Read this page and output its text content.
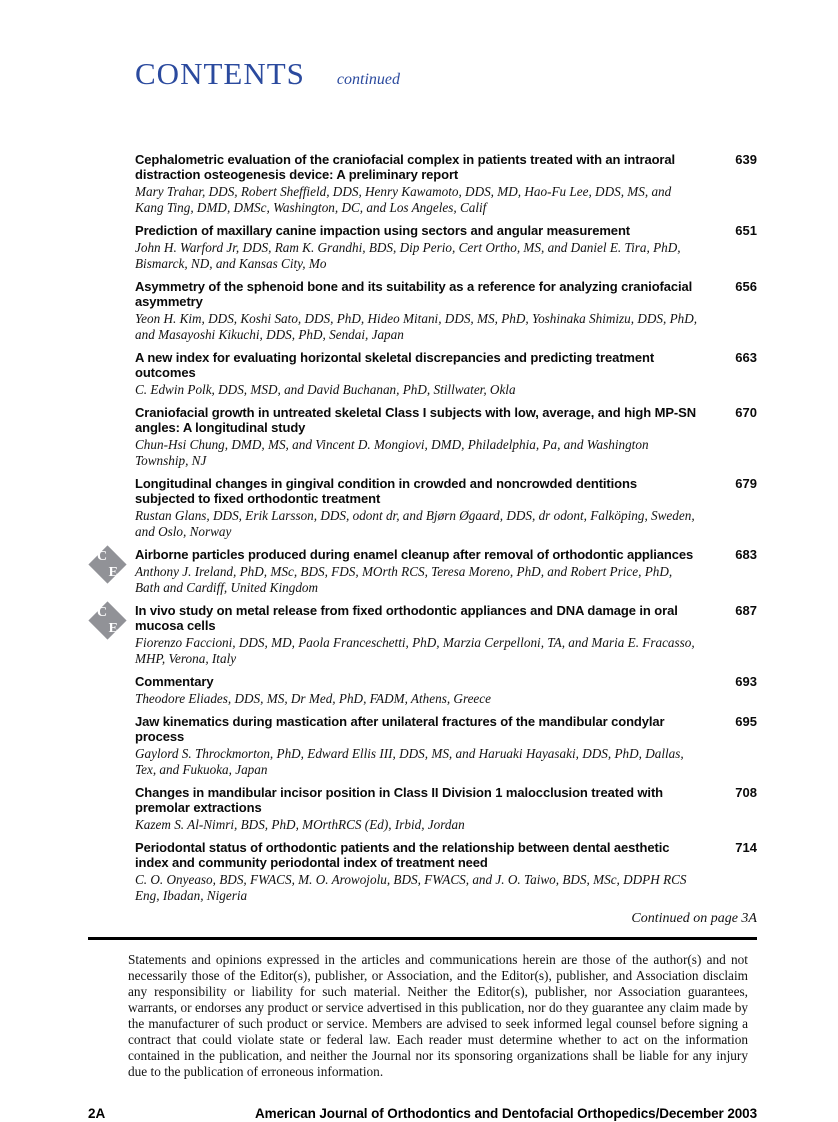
CONTENTS continued
Cephalometric evaluation of the craniofacial complex in patients treated with an intraoral distraction osteogenesis device: A preliminary report
Mary Trahar, DDS, Robert Sheffield, DDS, Henry Kawamoto, DDS, MD, Hao-Fu Lee, DDS, MS, and Kang Ting, DMD, DMSc, Washington, DC, and Los Angeles, Calif
639
Prediction of maxillary canine impaction using sectors and angular measurement
John H. Warford Jr, DDS, Ram K. Grandhi, BDS, Dip Perio, Cert Ortho, MS, and Daniel E. Tira, PhD, Bismarck, ND, and Kansas City, Mo
651
Asymmetry of the sphenoid bone and its suitability as a reference for analyzing craniofacial asymmetry
Yeon H. Kim, DDS, Koshi Sato, DDS, PhD, Hideo Mitani, DDS, MS, PhD, Yoshinaka Shimizu, DDS, PhD, and Masayoshi Kikuchi, DDS, PhD, Sendai, Japan
656
A new index for evaluating horizontal skeletal discrepancies and predicting treatment outcomes
C. Edwin Polk, DDS, MSD, and David Buchanan, PhD, Stillwater, Okla
663
Craniofacial growth in untreated skeletal Class I subjects with low, average, and high MP-SN angles: A longitudinal study
Chun-Hsi Chung, DMD, MS, and Vincent D. Mongiovi, DMD, Philadelphia, Pa, and Washington Township, NJ
670
Longitudinal changes in gingival condition in crowded and noncrowded dentitions subjected to fixed orthodontic treatment
Rustan Glans, DDS, Erik Larsson, DDS, odont dr, and Bjørn Øgaard, DDS, dr odont, Falköping, Sweden, and Oslo, Norway
679
C
E
Airborne particles produced during enamel cleanup after removal of orthodontic appliances
Anthony J. Ireland, PhD, MSc, BDS, FDS, MOrth RCS, Teresa Moreno, PhD, and Robert Price, PhD, Bath and Cardiff, United Kingdom
683
C
E
In vivo study on metal release from fixed orthodontic appliances and DNA damage in oral mucosa cells
Fiorenzo Faccioni, DDS, MD, Paola Franceschetti, PhD, Marzia Cerpelloni, TA, and Maria E. Fracasso, MHP, Verona, Italy
687
Commentary
Theodore Eliades, DDS, MS, Dr Med, PhD, FADM, Athens, Greece
693
Jaw kinematics during mastication after unilateral fractures of the mandibular condylar process
Gaylord S. Throckmorton, PhD, Edward Ellis III, DDS, MS, and Haruaki Hayasaki, DDS, PhD, Dallas, Tex, and Fukuoka, Japan
695
Changes in mandibular incisor position in Class II Division 1 malocclusion treated with premolar extractions
Kazem S. Al-Nimri, BDS, PhD, MOrthRCS (Ed), Irbid, Jordan
708
Periodontal status of orthodontic patients and the relationship between dental aesthetic index and community periodontal index of treatment need
C. O. Onyeaso, BDS, FWACS, M. O. Arowojolu, BDS, FWACS, and J. O. Taiwo, BDS, MSc, DDPH RCS Eng, Ibadan, Nigeria
714
Continued on page 3A
Statements and opinions expressed in the articles and communications herein are those of the author(s) and not necessarily those of the Editor(s), publisher, or Association, and the Editor(s), publisher, and Association disclaim any responsibility or liability for such material. Neither the Editor(s), publisher, nor Association guarantees, warrants, or endorses any product or service advertised in this publication, nor do they guarantee any claim made by the manufacturer of such product or service. Members are advised to seek informed legal counsel before signing a contract that could violate state or federal law. Each reader must determine whether to act on the information contained in the publication, and neither the Journal nor its sponsoring organizations shall be liable for any injury due to the publication of erroneous information.
2A	American Journal of Orthodontics and Dentofacial Orthopedics/December 2003
